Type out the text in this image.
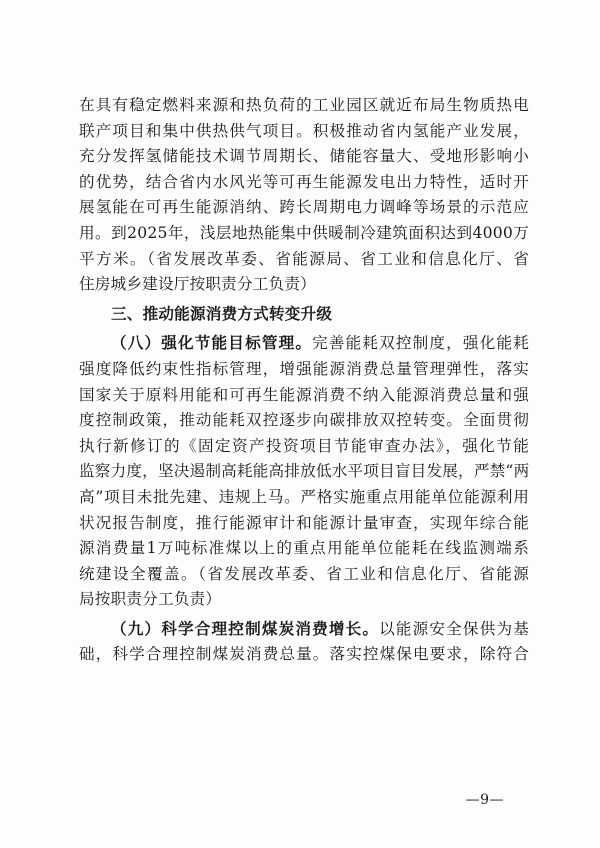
在具有稳定燃料来源和热负荷的工业园区就近布局生物质热电
联产项目和集中供热供气项目。积极推动省内氢能产业发展，
充分发挥氢储能技术调节周期长、储能容量大、受地形影响小
的优势，结合省内水风光等可再生能源发电出力特性，适时开
展氢能在可再生能源消纳、跨长周期电力调峰等场景的示范应
用。到2025年，浅层地热能集中供暖制冷建筑面积达到4000万
平方米。（省发展改革委、省能源局、省工业和信息化厅、省
住房城乡建设厅按职责分工负责）
三、推动能源消费方式转变升级
（八）强化节能目标管理。完善能耗双控制度，强化能耗
强度降低约束性指标管理，增强能源消费总量管理弹性，落实
国家关于原料用能和可再生能源消费不纳入能源消费总量和强
度控制政策，推动能耗双控逐步向碳排放双控转变。全面贯彻
执行新修订的《固定资产投资项目节能审查办法》，强化节能
监察力度，坚决遏制高耗能高排放低水平项目盲目发展，严禁“两
高”项目未批先建、违规上马。严格实施重点用能单位能源利用
状况报告制度，推行能源审计和能源计量审查，实现年综合能
源消费量1万吨标准煤以上的重点用能单位能耗在线监测端系
统建设全覆盖。（省发展改革委、省工业和信息化厅、省能源
局按职责分工负责）
（九）科学合理控制煤炭消费增长。以能源安全保供为基
础，科学合理控制煤炭消费总量。落实控煤保电要求，除符合
—9—
